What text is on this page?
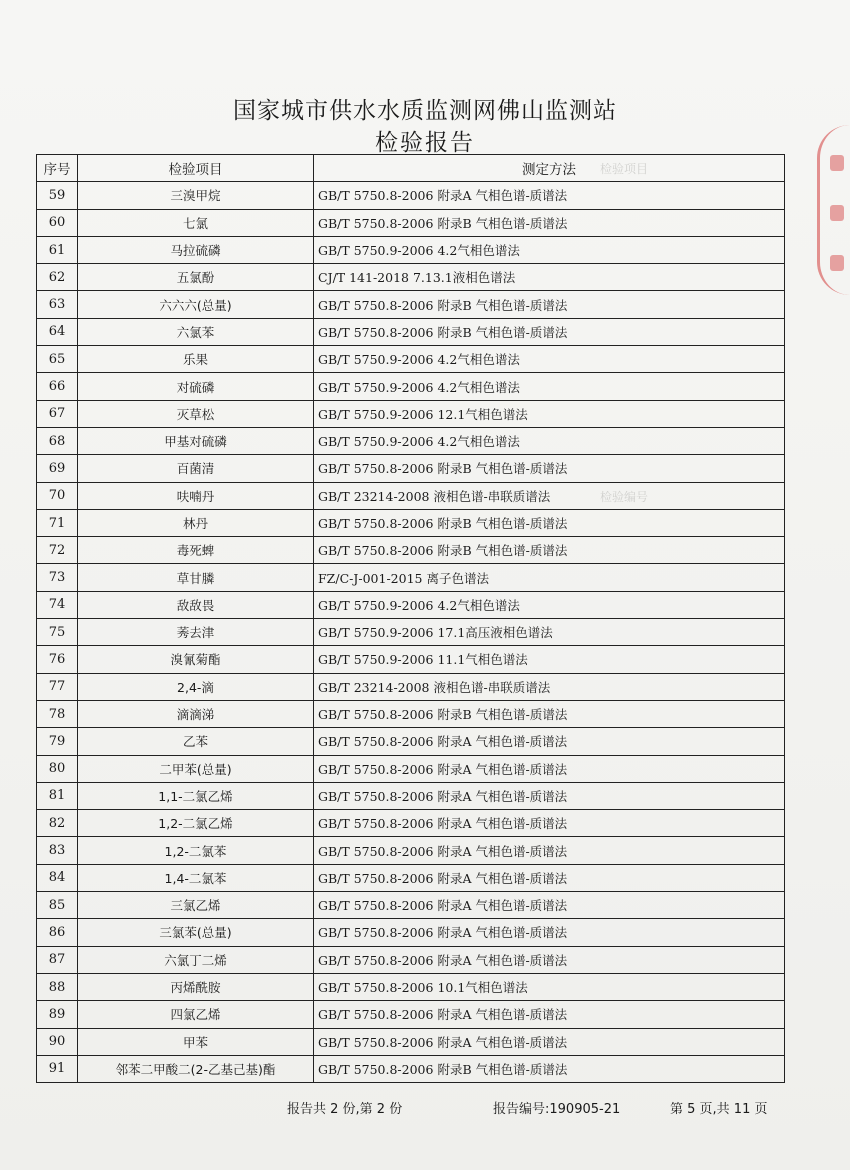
检验项目
检验编号
国家城市供水水质监测网佛山监测站
检验报告
序号	检验项目	测定方法
59	三溴甲烷	GB/T 5750.8-2006 附录A 气相色谱-质谱法
60	七氯	GB/T 5750.8-2006 附录B 气相色谱-质谱法
61	马拉硫磷	GB/T 5750.9-2006 4.2气相色谱法
62	五氯酚	CJ/T 141-2018 7.13.1液相色谱法
63	六六六(总量)	GB/T 5750.8-2006 附录B 气相色谱-质谱法
64	六氯苯	GB/T 5750.8-2006 附录B 气相色谱-质谱法
65	乐果	GB/T 5750.9-2006 4.2气相色谱法
66	对硫磷	GB/T 5750.9-2006 4.2气相色谱法
67	灭草松	GB/T 5750.9-2006 12.1气相色谱法
68	甲基对硫磷	GB/T 5750.9-2006 4.2气相色谱法
69	百菌清	GB/T 5750.8-2006 附录B 气相色谱-质谱法
70	呋喃丹	GB/T 23214-2008 液相色谱-串联质谱法
71	林丹	GB/T 5750.8-2006 附录B 气相色谱-质谱法
72	毒死蜱	GB/T 5750.8-2006 附录B 气相色谱-质谱法
73	草甘膦	FZ/C-J-001-2015 离子色谱法
74	敌敌畏	GB/T 5750.9-2006 4.2气相色谱法
75	莠去津	GB/T 5750.9-2006 17.1高压液相色谱法
76	溴氰菊酯	GB/T 5750.9-2006 11.1气相色谱法
77	2,4-滴	GB/T 23214-2008 液相色谱-串联质谱法
78	滴滴涕	GB/T 5750.8-2006 附录B 气相色谱-质谱法
79	乙苯	GB/T 5750.8-2006 附录A 气相色谱-质谱法
80	二甲苯(总量)	GB/T 5750.8-2006 附录A 气相色谱-质谱法
81	1,1-二氯乙烯	GB/T 5750.8-2006 附录A 气相色谱-质谱法
82	1,2-二氯乙烯	GB/T 5750.8-2006 附录A 气相色谱-质谱法
83	1,2-二氯苯	GB/T 5750.8-2006 附录A 气相色谱-质谱法
84	1,4-二氯苯	GB/T 5750.8-2006 附录A 气相色谱-质谱法
85	三氯乙烯	GB/T 5750.8-2006 附录A 气相色谱-质谱法
86	三氯苯(总量)	GB/T 5750.8-2006 附录A 气相色谱-质谱法
87	六氯丁二烯	GB/T 5750.8-2006 附录A 气相色谱-质谱法
88	丙烯酰胺	GB/T 5750.8-2006 10.1气相色谱法
89	四氯乙烯	GB/T 5750.8-2006 附录A 气相色谱-质谱法
90	甲苯	GB/T 5750.8-2006 附录A 气相色谱-质谱法
91	邻苯二甲酸二(2-乙基己基)酯	GB/T 5750.8-2006 附录B 气相色谱-质谱法
报告共 2 份,第 2 份	报告编号:190905-21	第 5 页,共 11 页
